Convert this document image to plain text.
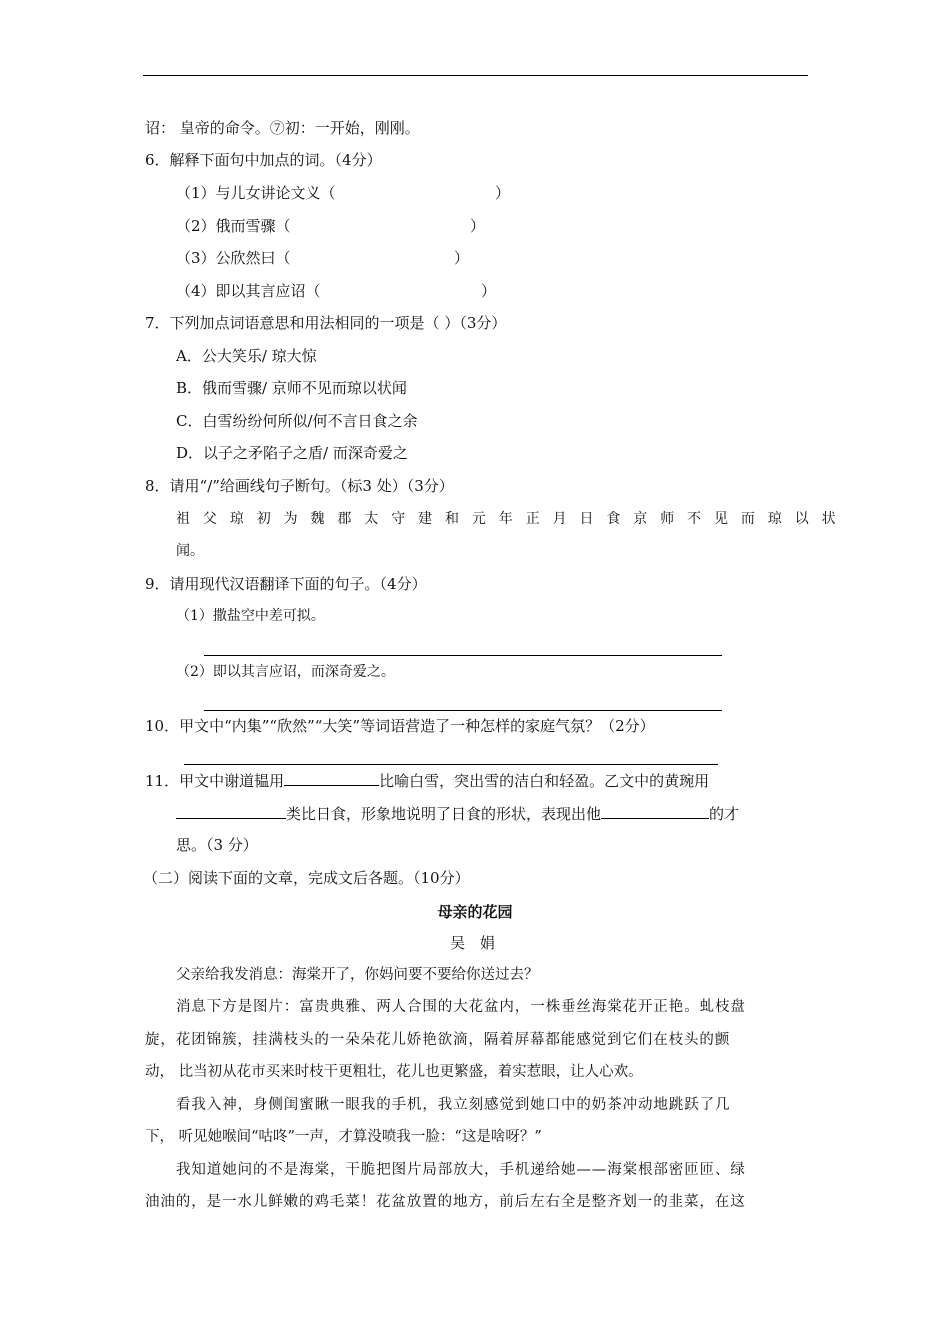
诏： 皇帝的命令。⑦初：一开始，刚刚。
6．解释下面句中加点的词。（4分）
（1）与儿女讲论文义（	）
（2）俄而雪骤（	）
（3）公欣然曰（	）
（4）即以其言应诏（	）
7．下列加点词语意思和用法相同的一项是（ ）（3分）
A．公大笑乐/ 琼大惊
B．俄而雪骤/ 京师不见而琼以状闻
C．白雪纷纷何所似/何不言日食之余
D．以子之矛陷子之盾/ 而深奇爱之
8．请用“/”给画线句子断句。（标3 处）（3分）
祖父琼初为魏郡太守建和元年正月日食京师不见而琼以状
闻。
9．请用现代汉语翻译下面的句子。（4分）
（1）撒盐空中差可拟。
（2）即以其言应诏，而深奇爱之。
10．甲文中“内集”“欣然”“大笑”等词语营造了一种怎样的家庭气氛？（2分）
11．甲文中谢道韫用	比喻白雪，突出雪的洁白和轻盈。乙文中的黄琬用
类比日食，形象地说明了日食的形状，表现出他	的才
思。（3 分）
（二）阅读下面的文章，完成文后各题。（10分）
母亲的花园
吴 娟
父亲给我发消息：海棠开了，你妈问要不要给你送过去？
消息下方是图片：富贵典雅、两人合围的大花盆内，一株垂丝海棠花开正艳。虬枝盘
旋，花团锦簇，挂满枝头的一朵朵花儿娇艳欲滴，隔着屏幕都能感觉到它们在枝头的颤
动， 比当初从花市买来时枝干更粗壮，花儿也更繁盛，着实惹眼，让人心欢。
看我入神，身侧闺蜜瞅一眼我的手机，我立刻感觉到她口中的奶茶冲动地跳跃了几
下， 听见她喉间“咕咚”一声，才算没喷我一脸：“这是啥呀？”
我知道她问的不是海棠，干脆把图片局部放大，手机递给她——海棠根部密匝匝、绿
油油的，是一水儿鲜嫩的鸡毛菜！花盆放置的地方，前后左右全是整齐划一的韭菜，在这
